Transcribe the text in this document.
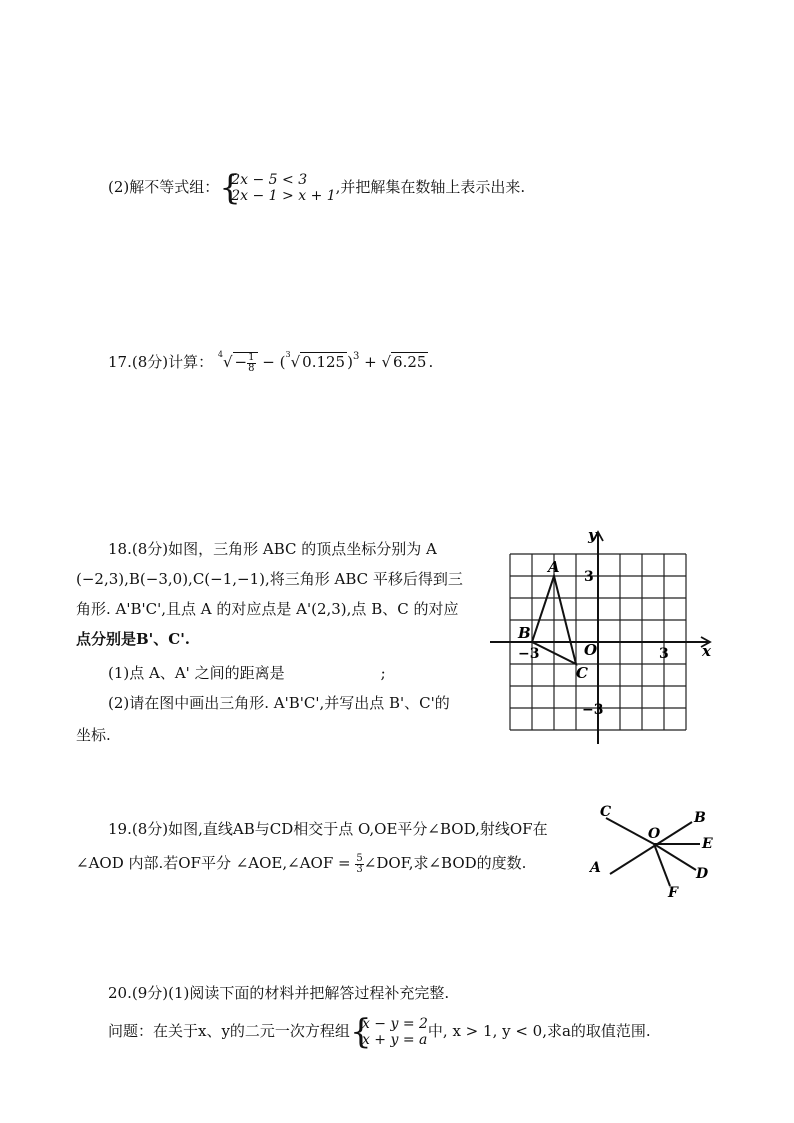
(2)解不等式组： {
2x − 5 < 3
2x − 1 > x + 1 ,并把解集在数轴上表示出来.
17.(8分)计算： $^4√ - \frac{1}{8} - (^3√$ 0.125 )$^3$ + √ 6.25 .
18.(8分)如图，三角形 ABC 的顶点坐标分别为 A
(−2,3),B(−3,0),C(−1,−1),将三角形 ABC 平移后得到三
角形. A'B'C',且点 A 的对应点是 A'(2,3),点 B、C 的对应
点分别是B'、C'.
(1)点 A、A' 之间的距离是	;
(2)请在图中画出三角形. A'B'C',并写出点 B'、C'的
坐标.
y
x
A
B
C
O
3
−3	3
−3
19.(8分)如图,直线AB与CD相交于点 O,OE平分∠BOD,射线OF在
∠AOD 内部.若OF平分 ∠AOE,∠AOF = $\frac{5}{3}$ ∠DOF,求∠BOD的度数.
C	B
O
E
A	D
F
20.(9分)(1)阅读下面的材料并把解答过程补充完整.
问题：在关于x、y的二元一次方程组 {
x − y = 2
x + y = a 中, x > 1, y < 0,求a的取值范围.
